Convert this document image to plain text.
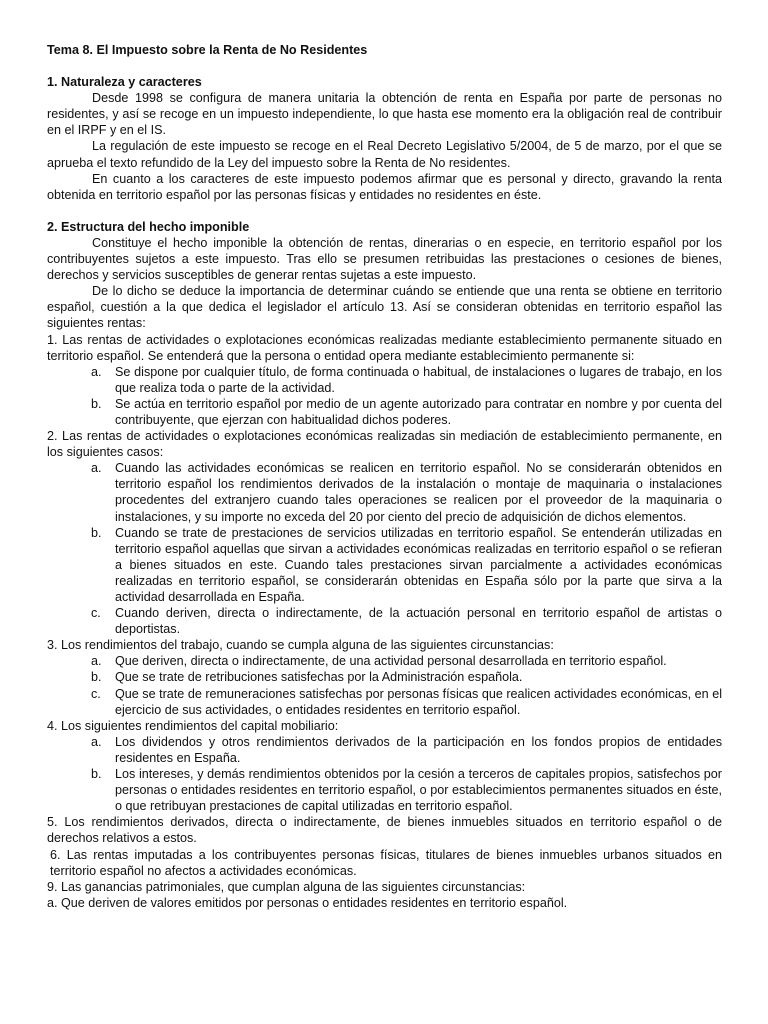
Tema 8. El Impuesto sobre la Renta de No Residentes
1. Naturaleza y caracteres

Desde 1998 se configura de manera unitaria la obtención de renta en España por parte de personas no residentes, y así se recoge en un impuesto independiente, lo que hasta ese momento era la obligación real de contribuir en el IRPF y en el IS.

La regulación de este impuesto se recoge en el Real Decreto Legislativo 5/2004, de 5 de marzo, por el que se aprueba el texto refundido de la Ley del impuesto sobre la Renta de No residentes.

En cuanto a los caracteres de este impuesto podemos afirmar que es personal y directo, gravando la renta obtenida en territorio español por las personas físicas y entidades no residentes en éste.

2. Estructura del hecho imponible

Constituye el hecho imponible la obtención de rentas, dinerarias o en especie, en territorio español por los contribuyentes sujetos a este impuesto. Tras ello se presumen retribuidas las prestaciones o cesiones de bienes, derechos y servicios susceptibles de generar rentas sujetas a este impuesto.

De lo dicho se deduce la importancia de determinar cuándo se entiende que una renta se obtiene en territorio español, cuestión a la que dedica el legislador el artículo 13. Así se consideran obtenidas en territorio español las siguientes rentas:

1. Las rentas de actividades o explotaciones económicas realizadas mediante establecimiento permanente situado en territorio español. Se entenderá que la persona o entidad opera mediante establecimiento permanente si:
a. Se dispone por cualquier título, de forma continuada o habitual, de instalaciones o lugares de trabajo, en los que realiza toda o parte de la actividad.
b. Se actúa en territorio español por medio de un agente autorizado para contratar en nombre y por cuenta del contribuyente, que ejerzan con habitualidad dichos poderes.
2. Las rentas de actividades o explotaciones económicas realizadas sin mediación de establecimiento permanente, en los siguientes casos:
a. Cuando las actividades económicas se realicen en territorio español. No se considerarán obtenidos en territorio español los rendimientos derivados de la instalación o montaje de maquinaria o instalaciones procedentes del extranjero cuando tales operaciones se realicen por el proveedor de la maquinaria o instalaciones, y su importe no exceda del 20 por ciento del precio de adquisición de dichos elementos.
b. Cuando se trate de prestaciones de servicios utilizadas en territorio español. Se entenderán utilizadas en territorio español aquellas que sirvan a actividades económicas realizadas en territorio español o se refieran a bienes situados en este. Cuando tales prestaciones sirvan parcialmente a actividades económicas realizadas en territorio español, se considerarán obtenidas en España sólo por la parte que sirva a la actividad desarrollada en España.
c. Cuando deriven, directa o indirectamente, de la actuación personal en territorio español de artistas o deportistas.
3. Los rendimientos del trabajo, cuando se cumpla alguna de las siguientes circunstancias:
a. Que deriven, directa o indirectamente, de una actividad personal desarrollada en territorio español.
b. Que se trate de retribuciones satisfechas por la Administración española.
c. Que se trate de remuneraciones satisfechas por personas físicas que realicen actividades económicas, en el ejercicio de sus actividades, o entidades residentes en territorio español.
4. Los siguientes rendimientos del capital mobiliario:
a. Los dividendos y otros rendimientos derivados de la participación en los fondos propios de entidades residentes en España.
b. Los intereses, y demás rendimientos obtenidos por la cesión a terceros de capitales propios, satisfechos por personas o entidades residentes en territorio español, o por establecimientos permanentes situados en éste, o que retribuyan prestaciones de capital utilizadas en territorio español.
5. Los rendimientos derivados, directa o indirectamente, de bienes inmuebles situados en territorio español o de derechos relativos a estos.
6. Las rentas imputadas a los contribuyentes personas físicas, titulares de bienes inmuebles urbanos situados en territorio español no afectos a actividades económicas.
9. Las ganancias patrimoniales, que cumplan alguna de las siguientes circunstancias:
a. Que deriven de valores emitidos por personas o entidades residentes en territorio español.
